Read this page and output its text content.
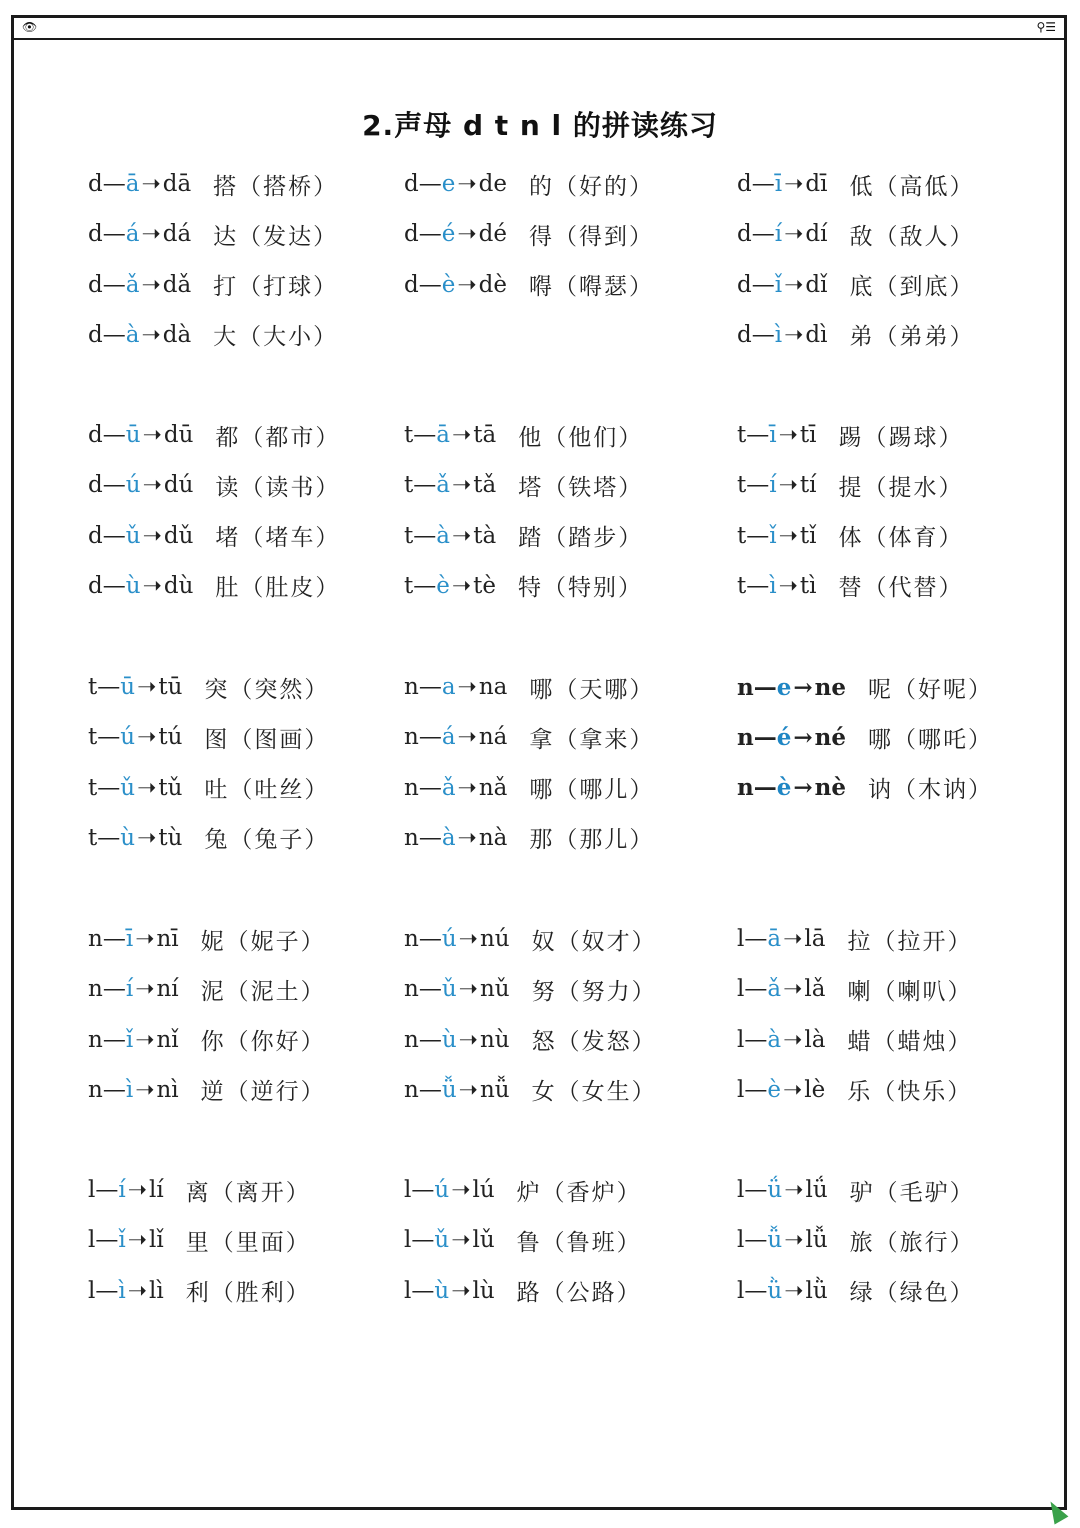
👁	⚲☰
2.声母 d t n l 的拼读练习
d — ā ➝ dā 搭（搭桥）
d — á ➝ dá 达（发达）
d — ǎ ➝ dǎ 打（打球）
d — à ➝ dà 大（大小）
d — e ➝ de 的（好的）
d — é ➝ dé 得（得到）
d — è ➝ dè 嘚（嘚瑟）
d — ī ➝ dī 低（高低）
d — í ➝ dí 敌（敌人）
d — ǐ ➝ dǐ 底（到底）
d — ì ➝ dì 弟（弟弟）
d — ū ➝ dū 都（都市）
d — ú ➝ dú 读（读书）
d — ǔ ➝ dǔ 堵（堵车）
d — ù ➝ dù 肚（肚皮）
t — ā ➝ tā 他（他们）
t — ǎ ➝ tǎ 塔（铁塔）
t — à ➝ tà 踏（踏步）
t — è ➝ tè 特（特别）
t — ī ➝ tī 踢（踢球）
t — í ➝ tí 提（提水）
t — ǐ ➝ tǐ 体（体育）
t — ì ➝ tì 替（代替）
t — ū ➝ tū 突（突然）
t — ú ➝ tú 图（图画）
t — ǔ ➝ tǔ 吐（吐丝）
t — ù ➝ tù 兔（兔子）
n — a ➝ na 哪（天哪）
n — á ➝ ná 拿（拿来）
n — ǎ ➝ nǎ 哪（哪儿）
n — à ➝ nà 那（那儿）
n — e → ne 呢（好呢）
n — é → né 哪（哪吒）
n — è → nè 讷（木讷）
n — ī ➝ nī 妮（妮子）
n — í ➝ ní 泥（泥土）
n — ǐ ➝ nǐ 你（你好）
n — ì ➝ nì 逆（逆行）
n — ú ➝ nú 奴（奴才）
n — ǔ ➝ nǔ 努（努力）
n — ù ➝ nù 怒（发怒）
n — ǚ ➝ nǚ 女（女生）
l — ā ➝ lā 拉（拉开）
l — ǎ ➝ lǎ 喇（喇叭）
l — à ➝ là 蜡（蜡烛）
l — è ➝ lè 乐（快乐）
l — í ➝ lí 离（离开）
l — ǐ ➝ lǐ 里（里面）
l — ì ➝ lì 利（胜利）
l — ú ➝ lú 炉（香炉）
l — ǔ ➝ lǔ 鲁（鲁班）
l — ù ➝ lù 路（公路）
l — ǘ ➝ lǘ 驴（毛驴）
l — ǚ ➝ lǚ 旅（旅行）
l — ǜ ➝ lǜ 绿（绿色）
